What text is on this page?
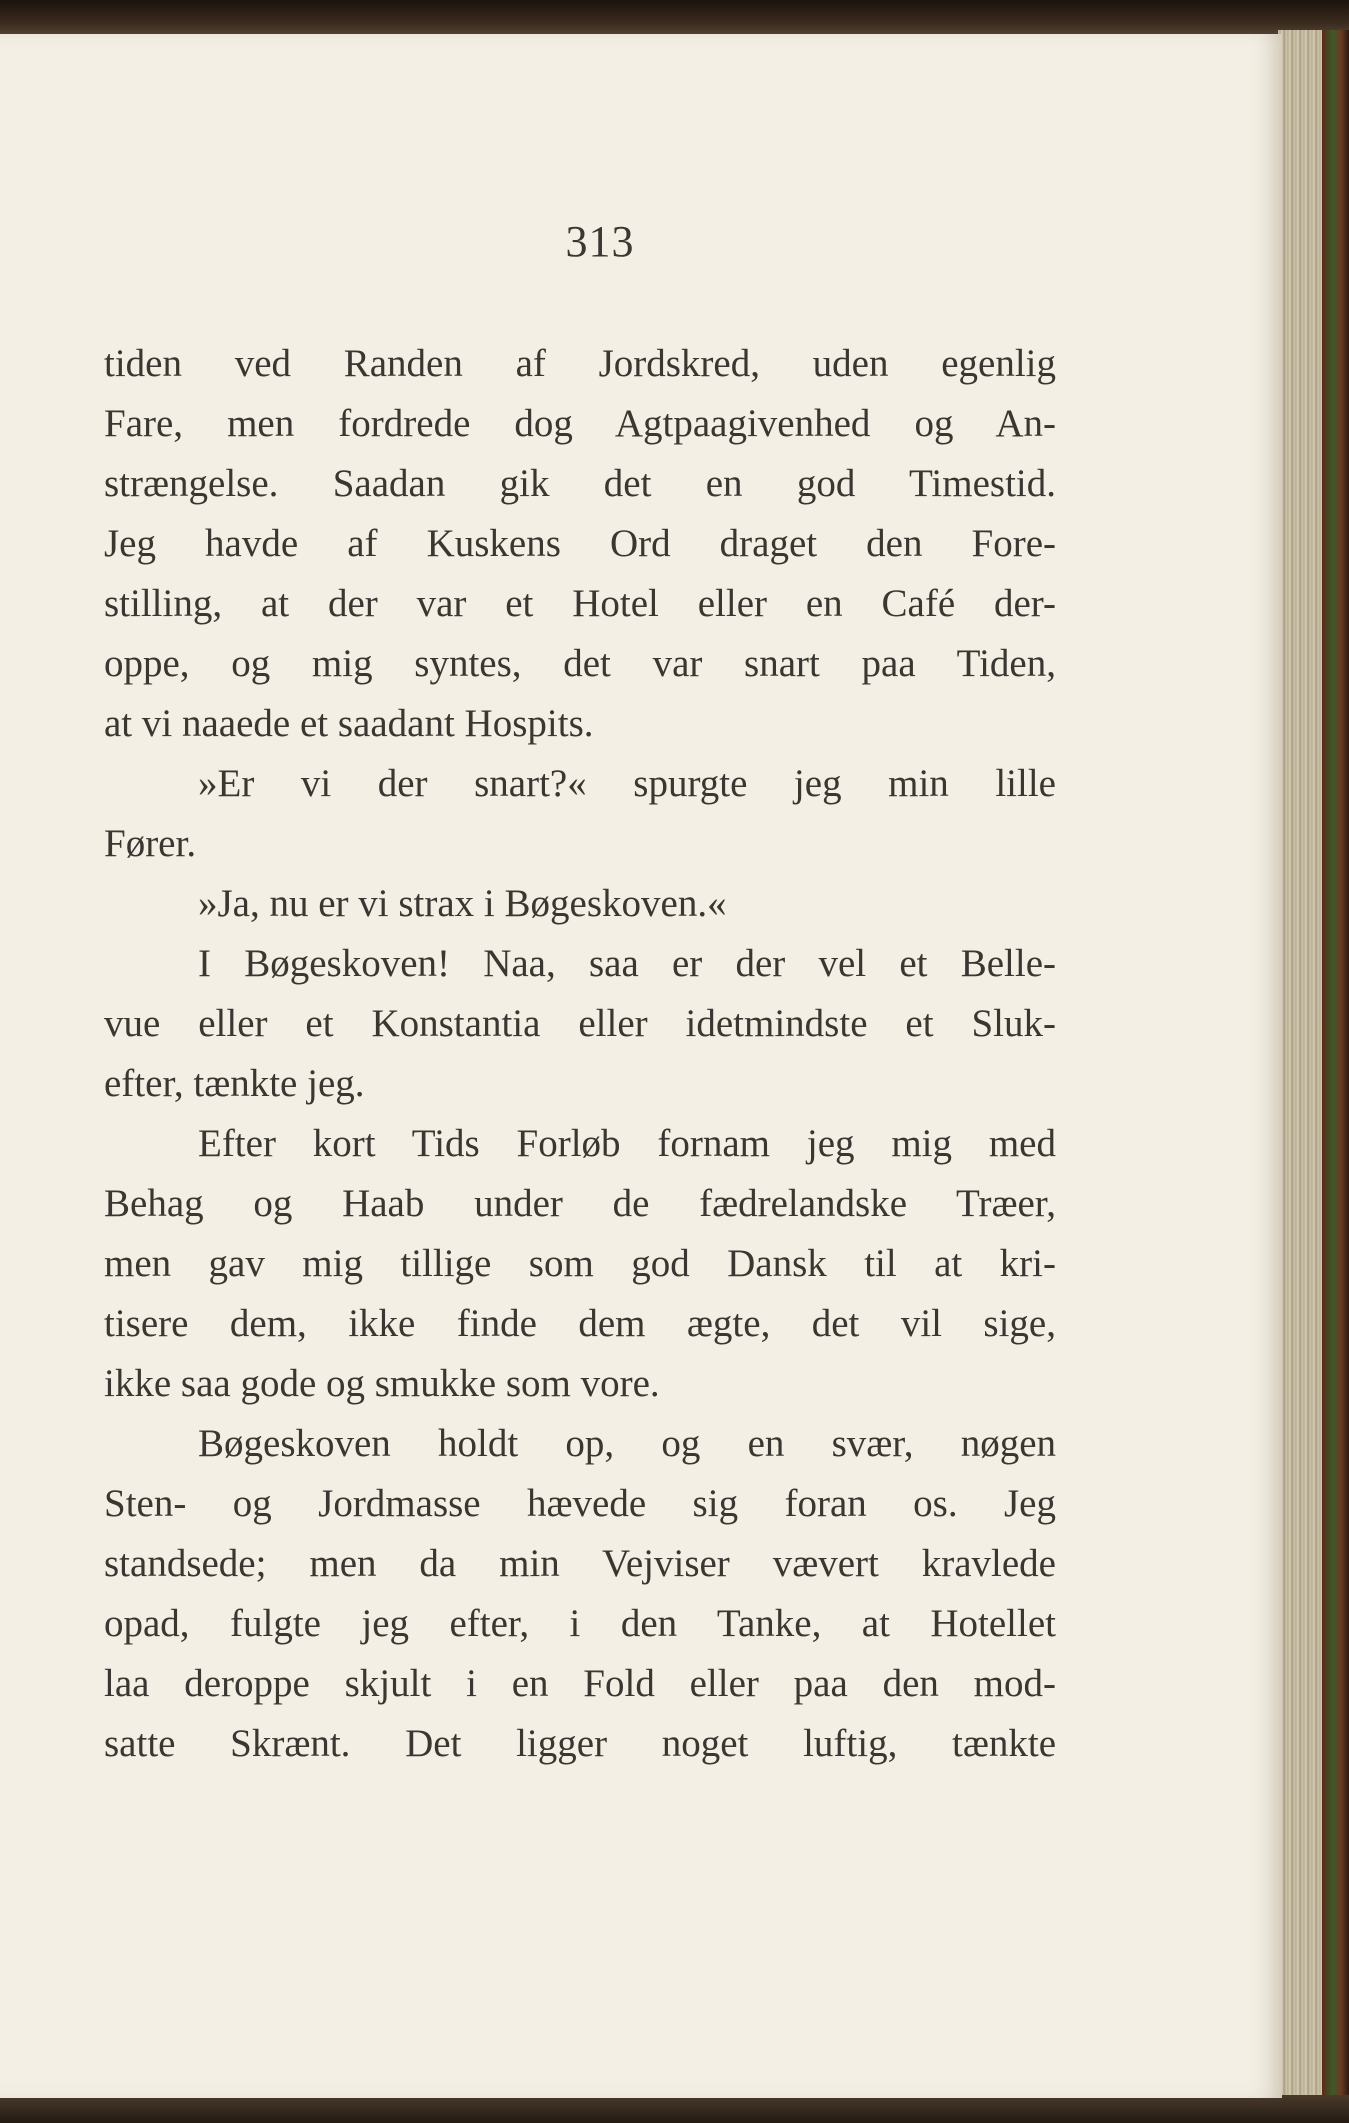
313
tiden ved Randen af Jordskred, uden egenlig
Fare, men fordrede dog Agtpaagivenhed og An-
strængelse. Saadan gik det en god Timestid.
Jeg havde af Kuskens Ord draget den Fore-
stilling, at der var et Hotel eller en Café der-
oppe, og mig syntes, det var snart paa Tiden,
at vi naaede et saadant Hospits.
»Er vi der snart?« spurgte jeg min lille
Fører.
»Ja, nu er vi strax i Bøgeskoven.«
I Bøgeskoven! Naa, saa er der vel et Belle-
vue eller et Konstantia eller idetmindste et Sluk-
efter, tænkte jeg.
Efter kort Tids Forløb fornam jeg mig med
Behag og Haab under de fædrelandske Træer,
men gav mig tillige som god Dansk til at kri-
tisere dem, ikke finde dem ægte, det vil sige,
ikke saa gode og smukke som vore.
Bøgeskoven holdt op, og en svær, nøgen
Sten- og Jordmasse hævede sig foran os. Jeg
standsede; men da min Vejviser vævert kravlede
opad, fulgte jeg efter, i den Tanke, at Hotellet
laa deroppe skjult i en Fold eller paa den mod-
satte Skrænt. Det ligger noget luftig, tænkte
